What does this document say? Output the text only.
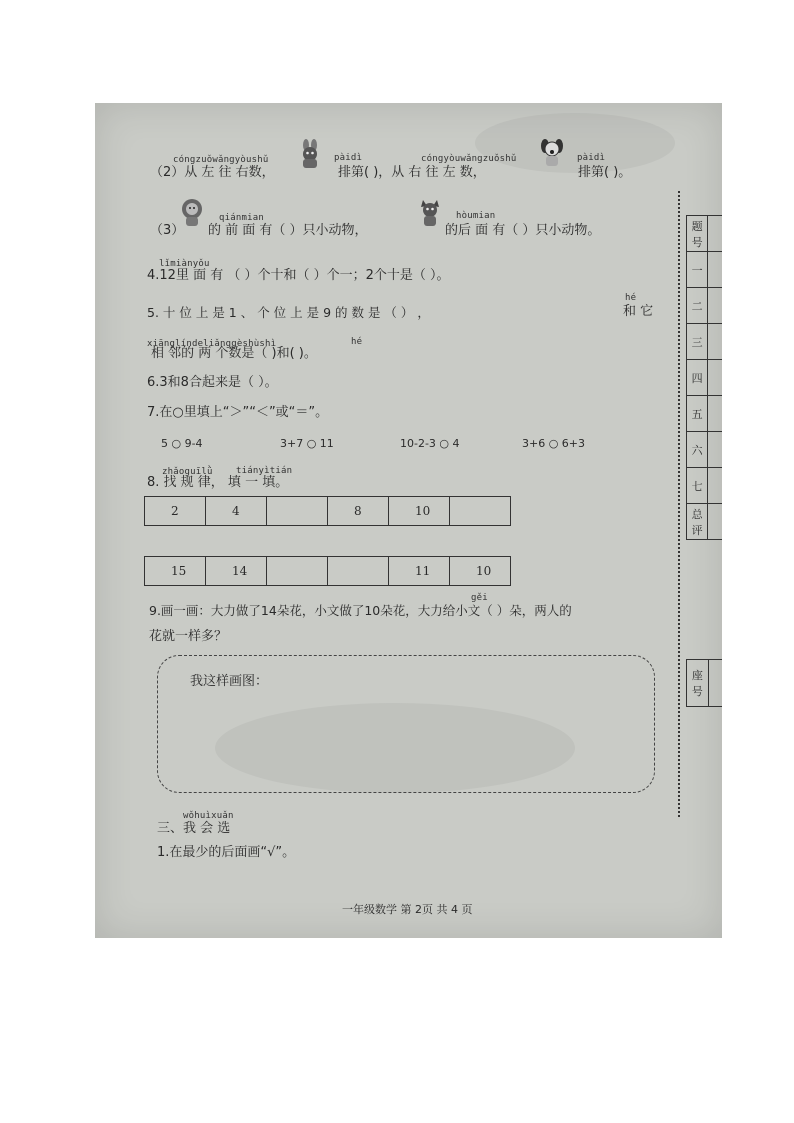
cóngzuǒwǎngyòushǔ	pàidì	cóngyòuwǎngzuǒshǔ	pàidì
（2）从 左 往 右数，	排第( )，从 右 往 左 数，	排第( )。
qiánmian	hòumian
（3） 的 前 面 有（ ）只小动物，	的后 面 有（ ）只小动物。
lǐmiànyǒu
4.12里 面 有 （ ）个十和（ ）个一；2个十是（ ）。
5. 十 位 上 是 1 、 个 位 上 是 9 的 数 是 （ ） ，
hé
和 它
xiānglíndeliǎnggèshùshì	hé
相 邻的 两 个数是（ )和( )。
6.3和8合起来是（ ）。
7.在○里填上“＞”“＜”或“＝”。
5 ○ 9-4	3+7 ○ 11	10-2-3 ○ 4	3+6 ○ 6+3
zhǎoguīlǜ	tiányìtián
8. 找 规 律， 填 一 填。
2	4		8	10	
15	14			11	10
gěi
9.画一画：大力做了14朵花，小文做了10朵花，大力给小文（ ）朵，两人的
花就一样多？
我这样画图：
wǒhuìxuǎn
三、我 会 选
1.在最少的后面画“√”。
一年级数学 第 2页 共 4 页
题号	
一	
二	
三	
四	
五	
六	
七	
总评	
座号	
